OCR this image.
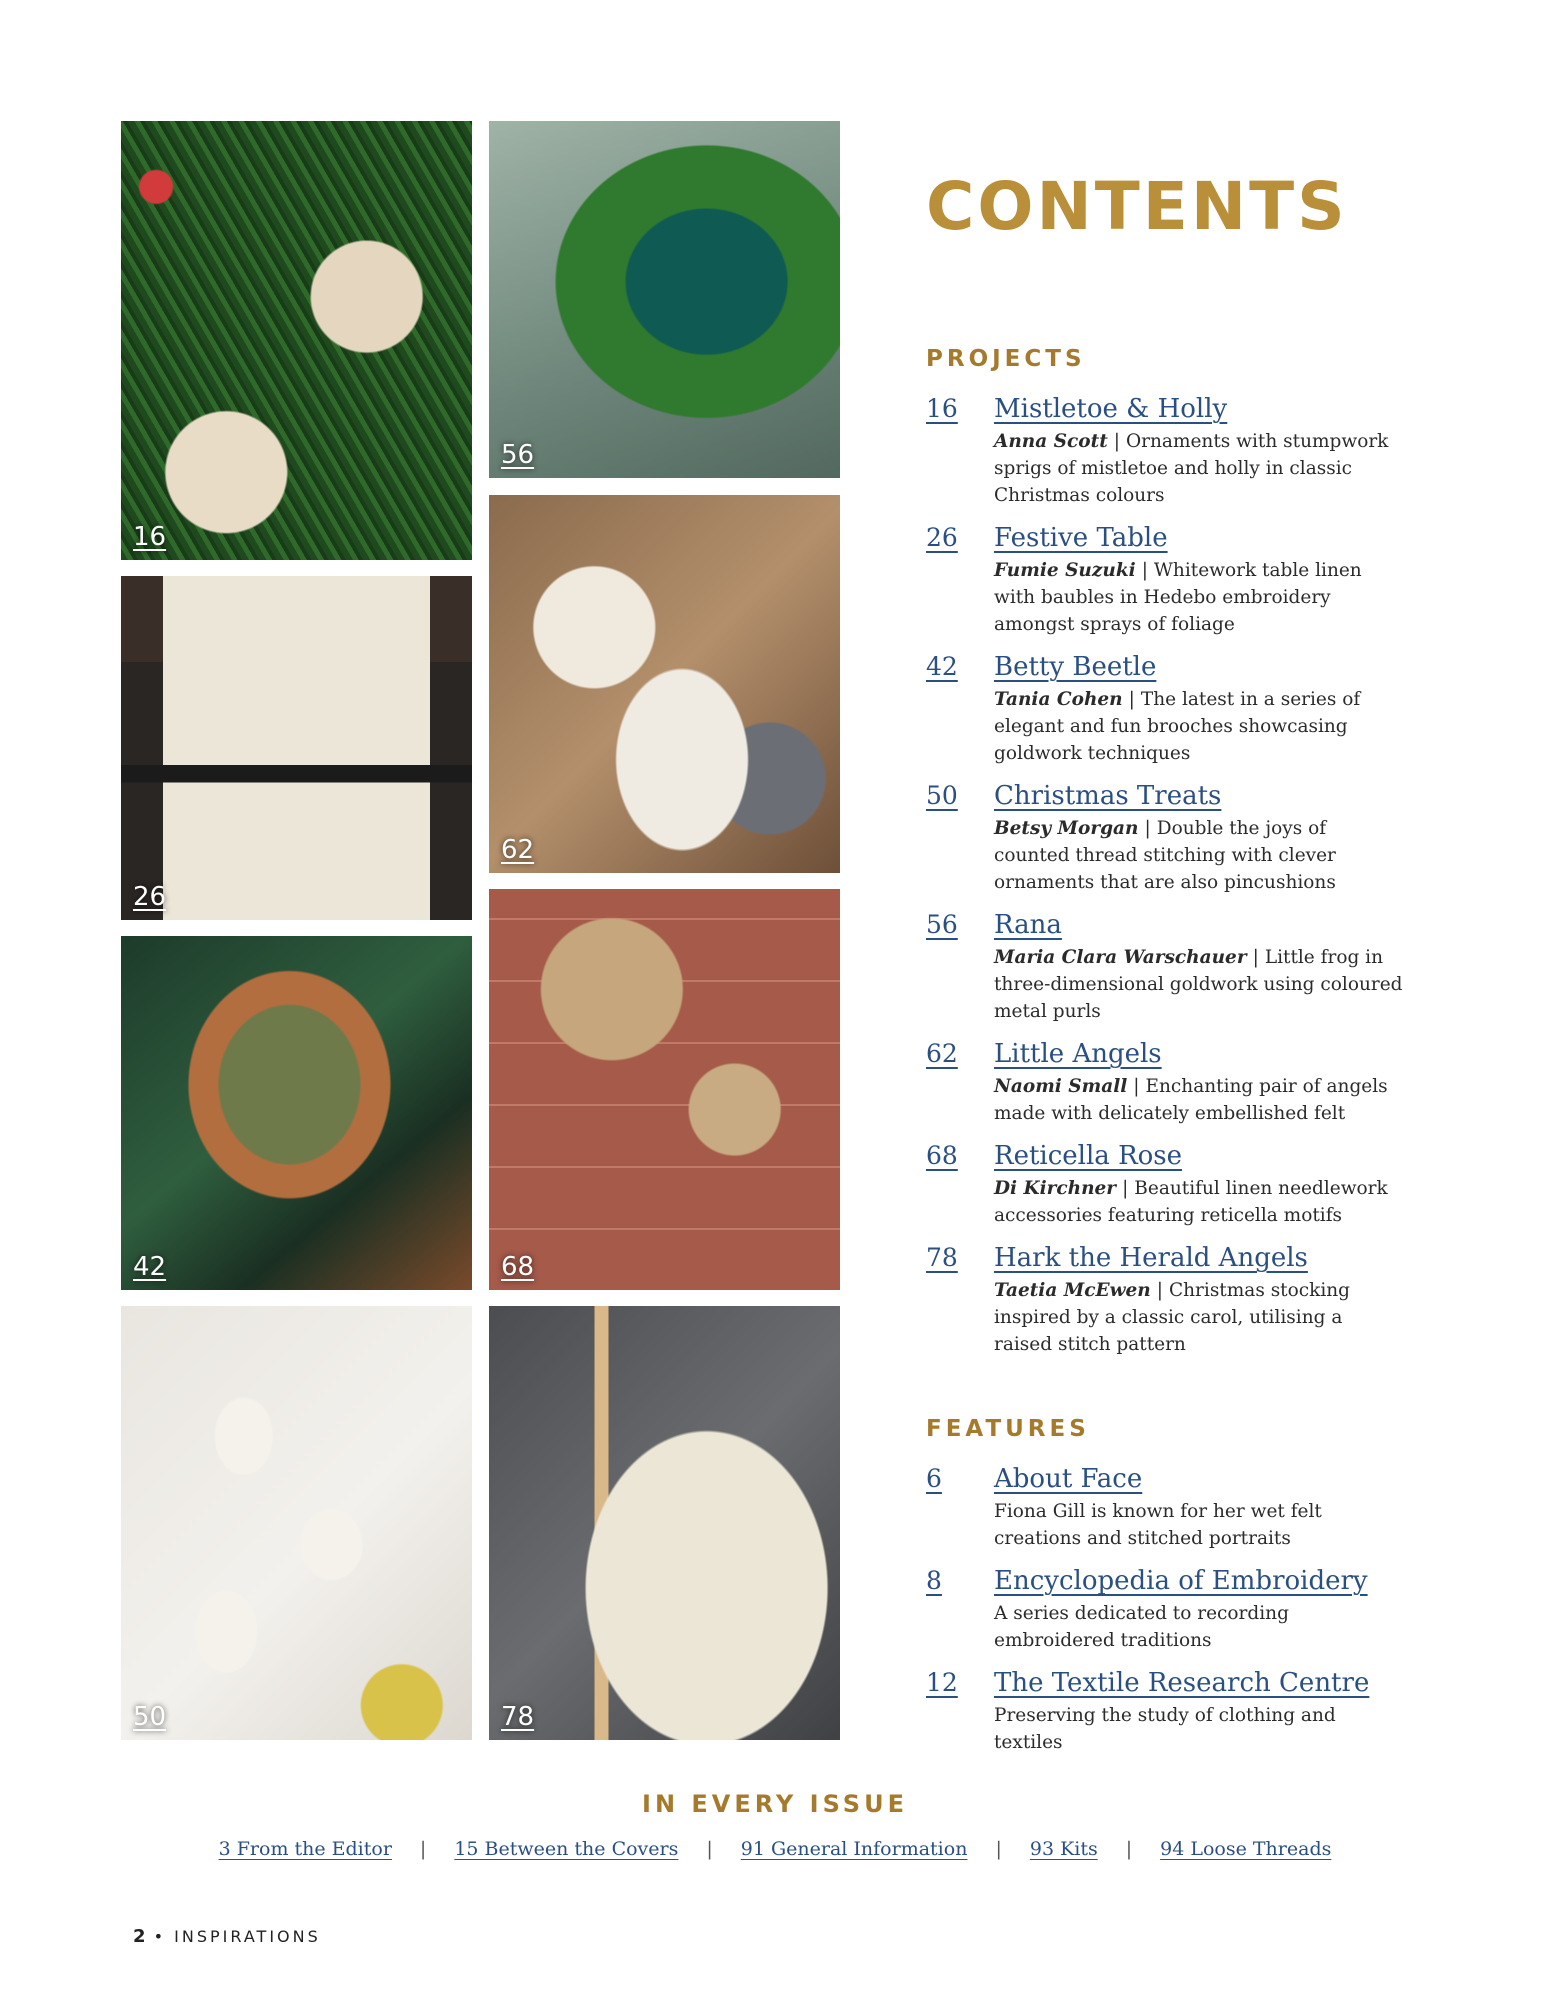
16
56
26
62
42	68
50	78
CONTENTS
PROJECTS
16	Mistletoe & Holly
Anna Scott | Ornaments with stumpwork sprigs of mistletoe and holly in classic Christmas colours
26	Festive Table
Fumie Suzuki | Whitework table linen with baubles in Hedebo embroidery amongst sprays of foliage
42	Betty Beetle
Tania Cohen | The latest in a series of elegant and fun brooches showcasing goldwork techniques
50	Christmas Treats
Betsy Morgan | Double the joys of counted thread stitching with clever ornaments that are also pincushions
56	Rana
Maria Clara Warschauer | Little frog in three-dimensional goldwork using coloured metal purls
62	Little Angels
Naomi Small | Enchanting pair of angels made with delicately embellished felt
68	Reticella Rose
Di Kirchner | Beautiful linen needlework accessories featuring reticella motifs
78	Hark the Herald Angels
Taetia McEwen | Christmas stocking inspired by a classic carol, utilising a raised stitch pattern
FEATURES
6	About Face
Fiona Gill is known for her wet felt creations and stitched portraits
8	Encyclopedia of Embroidery
A series dedicated to recording embroidered traditions
12	The Textile Research Centre
Preserving the study of clothing and textiles
IN EVERY ISSUE
3 From the Editor | 15 Between the Covers | 91 General Information | 93 Kits | 94 Loose Threads
2 • INSPIRATIONS
